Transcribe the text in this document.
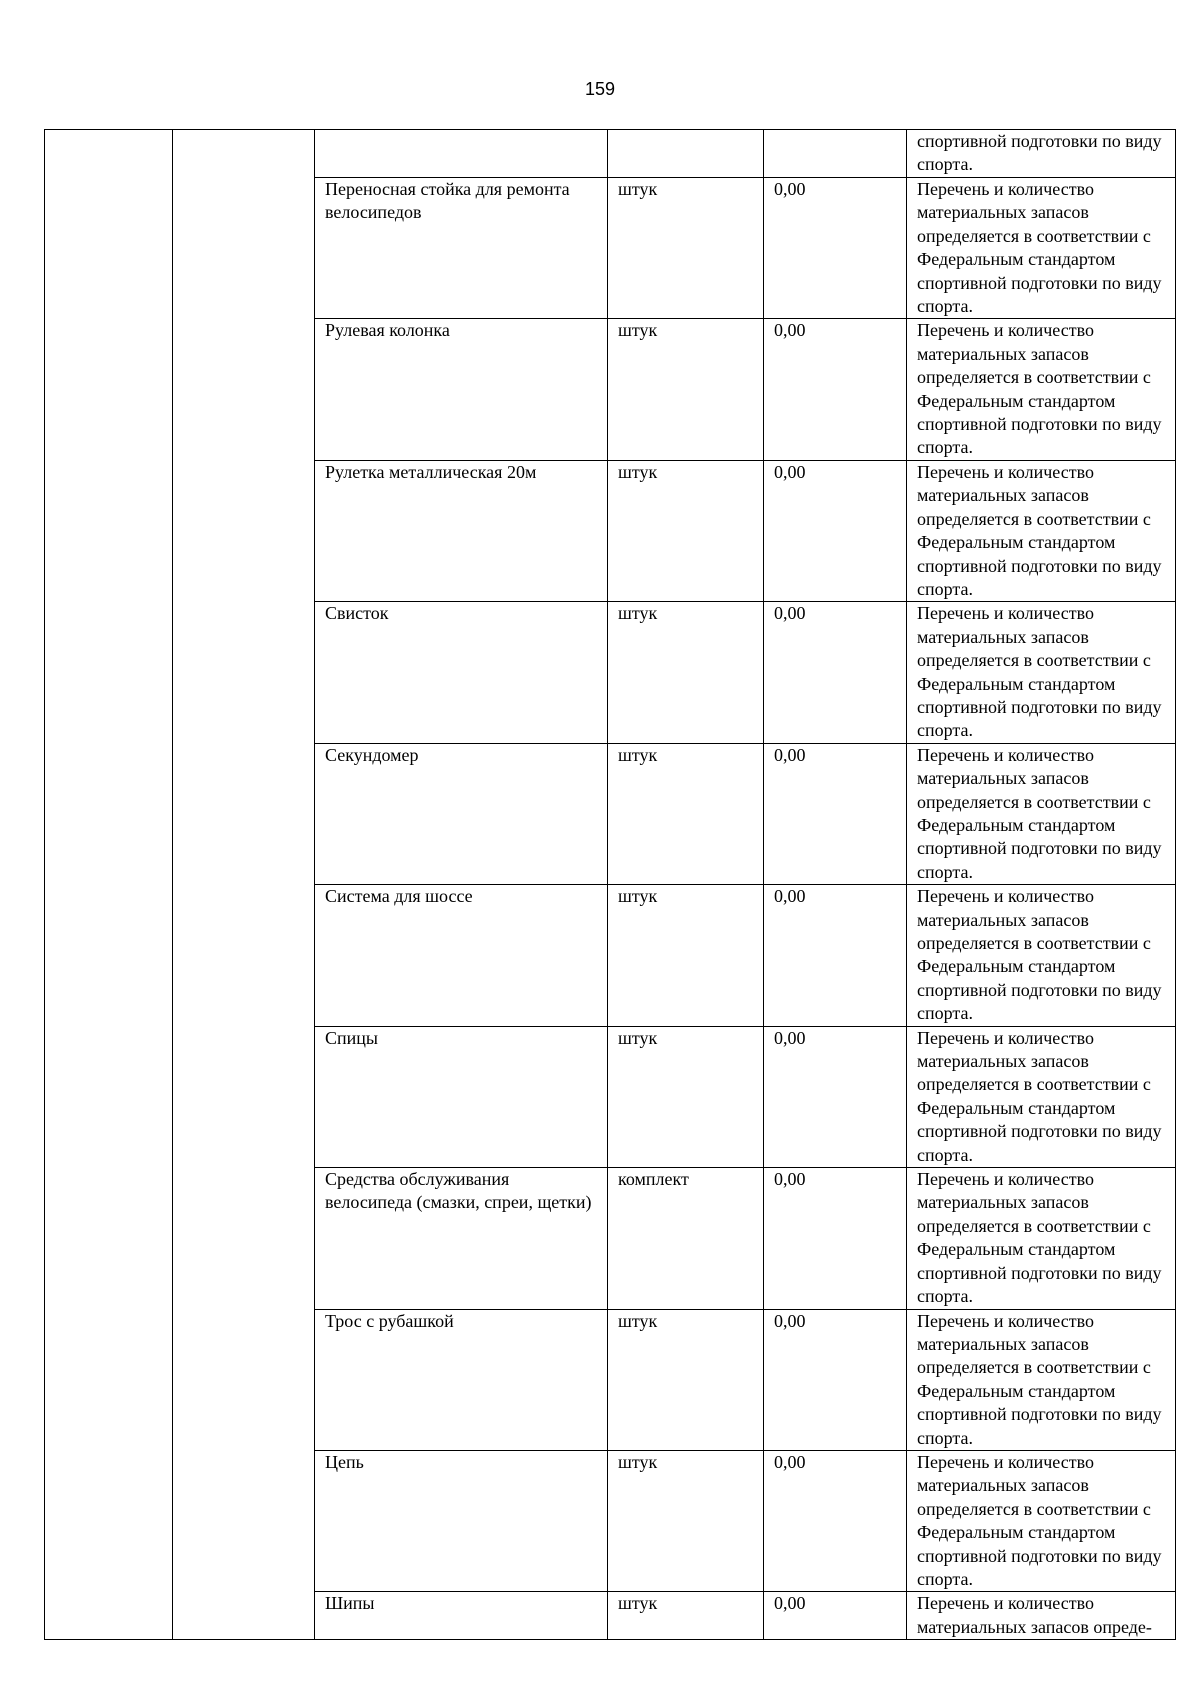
159
					спортивной подготовки по виду спорта.
		Переносная стойка для ремонта велосипедов	штук	0,00	Перечень и количество материальных запасов определяется в соответствии с Федеральным стандартом спортивной подготовки по виду спорта.
		Рулевая колонка	штук	0,00	Перечень и количество материальных запасов определяется в соответствии с Федеральным стандартом спортивной подготовки по виду спорта.
		Рулетка металлическая 20м	штук	0,00	Перечень и количество материальных запасов определяется в соответствии с Федеральным стандартом спортивной подготовки по виду спорта.
		Свисток	штук	0,00	Перечень и количество материальных запасов определяется в соответствии с Федеральным стандартом спортивной подготовки по виду спорта.
		Секундомер	штук	0,00	Перечень и количество материальных запасов определяется в соответствии с Федеральным стандартом спортивной подготовки по виду спорта.
		Система для шоссе	штук	0,00	Перечень и количество материальных запасов определяется в соответствии с Федеральным стандартом спортивной подготовки по виду спорта.
		Спицы	штук	0,00	Перечень и количество материальных запасов определяется в соответствии с Федеральным стандартом спортивной подготовки по виду спорта.
		Средства обслуживания велосипеда (смазки, спреи, щетки)	комплект	0,00	Перечень и количество материальных запасов определяется в соответствии с Федеральным стандартом спортивной подготовки по виду спорта.
		Трос с рубашкой	штук	0,00	Перечень и количество материальных запасов определяется в соответствии с Федеральным стандартом спортивной подготовки по виду спорта.
		Цепь	штук	0,00	Перечень и количество материальных запасов определяется в соответствии с Федеральным стандартом спортивной подготовки по виду спорта.
		Шипы	штук	0,00	Перечень и количество материальных запасов опреде-
